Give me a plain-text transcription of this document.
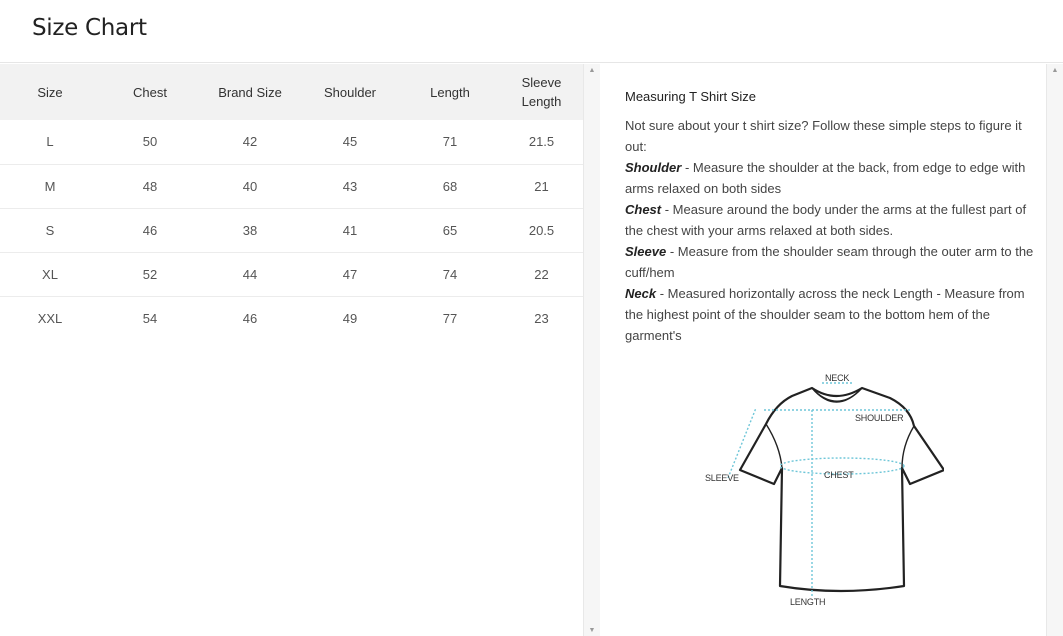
Size Chart
Size	Chest	Brand Size	Shoulder	Length	Sleeve Length
L	50	42	45	71	21.5
M	48	40	43	68	21
S	46	38	41	65	20.5
XL	52	44	47	74	22
XXL	54	46	49	77	23
▲
▼
Measuring T Shirt Size
Not sure about your t shirt size? Follow these simple steps to figure it out:
Shoulder - Measure the shoulder at the back, from edge to edge with arms relaxed on both sides
Chest - Measure around the body under the arms at the fullest part of the chest with your arms relaxed at both sides.
Sleeve - Measure from the shoulder seam through the outer arm to the cuff/hem
Neck - Measured horizontally across the neck Length - Measure from the highest point of the shoulder seam to the bottom hem of the garment's
NECK
SHOULDER
CHEST
SLEEVE
LENGTH
▲
